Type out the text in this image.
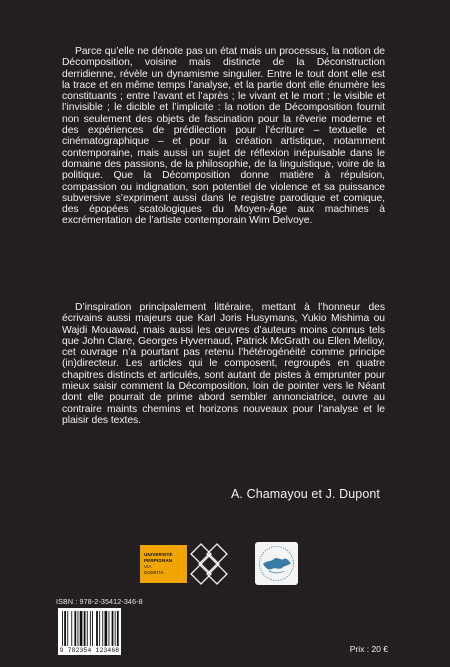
Parce qu’elle ne dénote pas un état mais un processus, la notion de Décomposition, voisine mais distincte de la Déconstruction derridienne, révèle un dynamisme singulier. Entre le tout dont elle est la trace et en même temps l’analyse, et la partie dont elle énumère les constituants ; entre l’avant et l’après ; le vivant et le mort ; le visible et l’invisible ; le dicible et l’implicite : la notion de Décomposition fournit non seulement des objets de fascination pour la rêverie moderne et des expériences de prédilection pour l’écriture – textuelle et cinématographique – et pour la création artistique, notamment contemporaine, mais aussi un sujet de réflexion inépuisable dans le domaine des passions, de la philosophie, de la linguistique, voire de la politique. Que la Décomposition donne matière à répulsion, compassion ou indignation, son potentiel de violence et sa puissance subversive s’expriment aussi dans le registre parodique et comique, des épopées scatologiques du Moyen-Âge aux machines à excrémentation de l’artiste contemporain Wim Delvoye.

D’inspiration principalement littéraire, mettant à l’honneur des écrivains aussi majeurs que Karl Joris Husymans, Yukio Mishima ou Wajdi Mouawad, mais aussi les œuvres d’auteurs moins connus tels que John Clare, Georges Hyvernaud, Patrick McGrath ou Ellen Melloy, cet ouvrage n’a pourtant pas retenu l’hétérogénéité comme principe (in)directeur. Les articles qui le composent, regroupés en quatre chapitres distincts et articulés, sont autant de pistes à emprunter pour mieux saisir comment la Décomposition, loin de pointer vers le Néant dont elle pourrait de prime abord sembler annonciatrice, ouvre au contraire maints chemins et horizons nouveaux pour l’analyse et le plaisir des textes.

A. Chamayou et J. Dupont

UNIVERSITÉ
PERPIGNAN
VIA
DOMITIA

ISBN : 978-2-35412-346-8

9 782354 123468	Prix : 20 €
